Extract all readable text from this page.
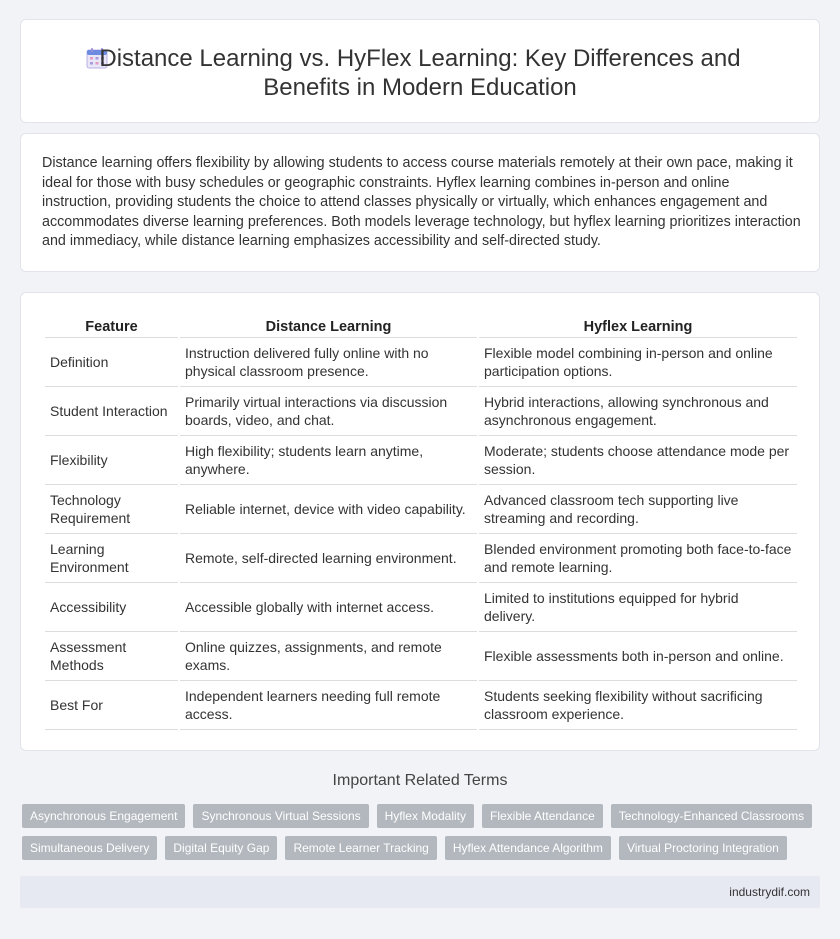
Distance Learning vs. HyFlex Learning: Key Differences and Benefits in Modern Education

Distance learning offers flexibility by allowing students to access course materials remotely at their own pace, making it ideal for those with busy schedules or geographic constraints. Hyflex learning combines in-person and online instruction, providing students the choice to attend classes physically or virtually, which enhances engagement and accommodates diverse learning preferences. Both models leverage technology, but hyflex learning prioritizes interaction and immediacy, while distance learning emphasizes accessibility and self-directed study.

Feature	Distance Learning	Hyflex Learning
Definition	Instruction delivered fully online with no physical classroom presence.	Flexible model combining in-person and online participation options.
Student Interaction	Primarily virtual interactions via discussion boards, video, and chat.	Hybrid interactions, allowing synchronous and asynchronous engagement.
Flexibility	High flexibility; students learn anytime, anywhere.	Moderate; students choose attendance mode per session.
Technology Requirement	Reliable internet, device with video capability.	Advanced classroom tech supporting live streaming and recording.
Learning Environment	Remote, self-directed learning environment.	Blended environment promoting both face-to-face and remote learning.
Accessibility	Accessible globally with internet access.	Limited to institutions equipped for hybrid delivery.
Assessment Methods	Online quizzes, assignments, and remote exams.	Flexible assessments both in-person and online.
Best For	Independent learners needing full remote access.	Students seeking flexibility without sacrificing classroom experience.
Important Related Terms
Asynchronous Engagement	Synchronous Virtual Sessions	Hyflex Modality	Flexible Attendance	Technology-Enhanced Classrooms
Simultaneous Delivery	Digital Equity Gap	Remote Learner Tracking	Hyflex Attendance Algorithm	Virtual Proctoring Integration
industrydif.com
